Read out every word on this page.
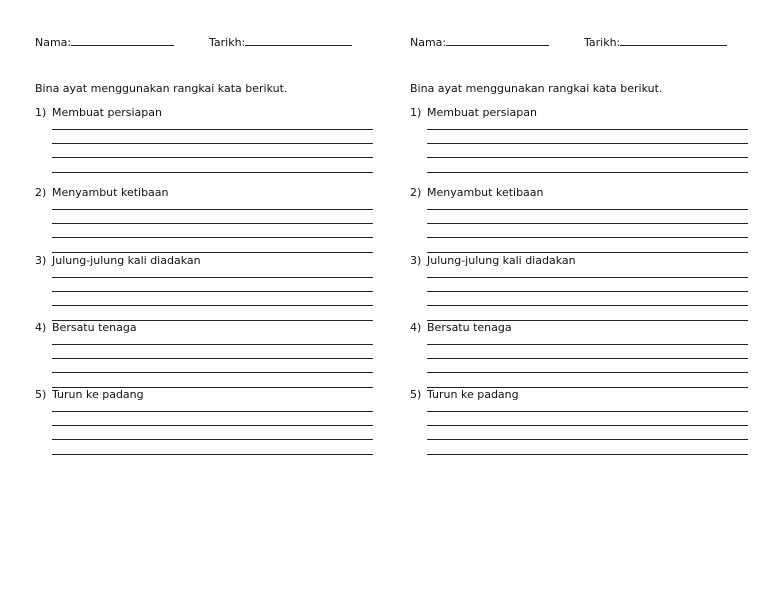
Nama:	Tarikh:
Bina ayat menggunakan rangkai kata berikut.
1) Membuat persiapan
2) Menyambut ketibaan
3) Julung-julung kali diadakan
4) Bersatu tenaga
5) Turun ke padang
Nama:	Tarikh:
Bina ayat menggunakan rangkai kata berikut.
1) Membuat persiapan
2) Menyambut ketibaan
3) Julung-julung kali diadakan
4) Bersatu tenaga
5) Turun ke padang
